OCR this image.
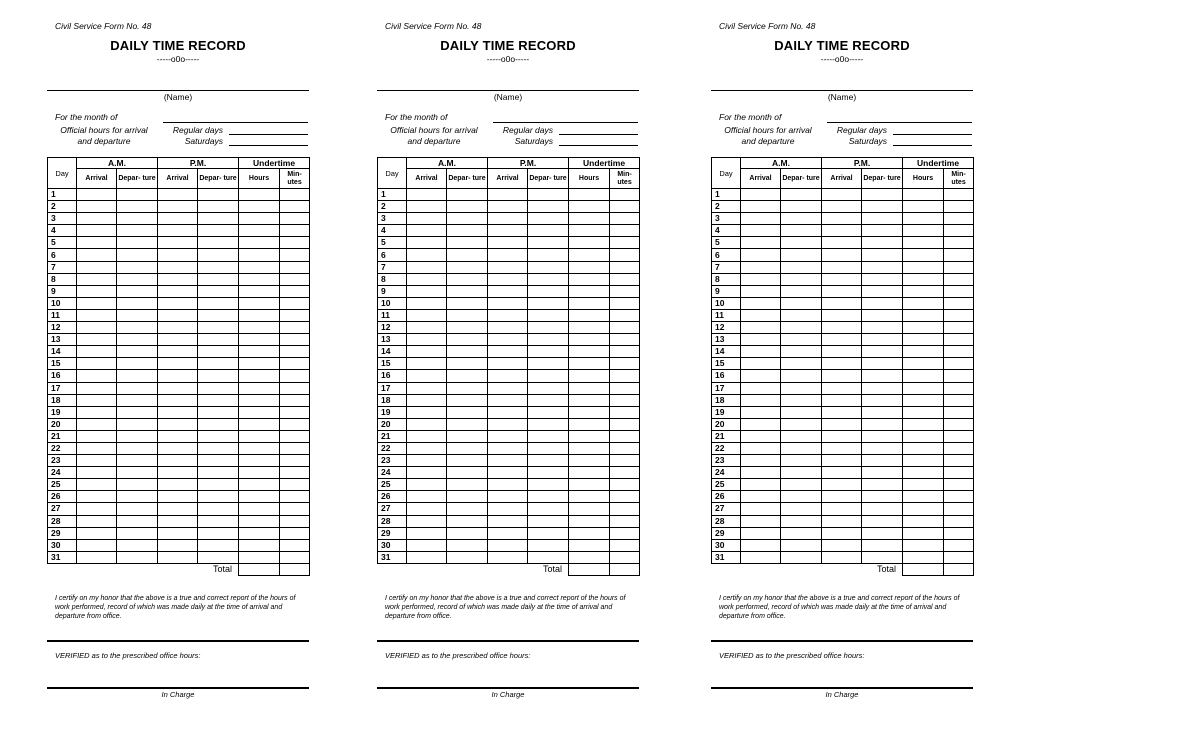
Civil Service Form No. 48
DAILY TIME RECORD
-----o0o-----
(Name)
For the month of
Official hours for arrival and departure
Regular days
Saturdays
Day	A.M.		P.M.		Undertime	
	Arrival	Depar- ture	Arrival	Depar- ture	Hours	Min- utes
1						
2						
3						
4						
5						
6						
7						
8						
9						
10						
11						
12						
13						
14						
15						
16						
17						
18						
19						
20						
21						
22						
23						
24						
25						
26						
27						
28						
29						
30						
31						
			Total			
I certify on my honor that the above is a true and correct report of the hours of work performed, record of which was made daily at the time of arrival and departure from office.
VERIFIED as to the prescribed office hours:
In Charge
Civil Service Form No. 48
DAILY TIME RECORD
-----o0o-----
(Name)
For the month of
Official hours for arrival and departure
Regular days
Saturdays
Day	A.M.		P.M.		Undertime	
	Arrival	Depar- ture	Arrival	Depar- ture	Hours	Min- utes
1						
2						
3						
4						
5						
6						
7						
8						
9						
10						
11						
12						
13						
14						
15						
16						
17						
18						
19						
20						
21						
22						
23						
24						
25						
26						
27						
28						
29						
30						
31						
			Total			
I certify on my honor that the above is a true and correct report of the hours of work performed, record of which was made daily at the time of arrival and departure from office.
VERIFIED as to the prescribed office hours:
In Charge
Civil Service Form No. 48
DAILY TIME RECORD
-----o0o-----
(Name)
For the month of
Official hours for arrival and departure
Regular days
Saturdays
Day	A.M.		P.M.		Undertime	
	Arrival	Depar- ture	Arrival	Depar- ture	Hours	Min- utes
1						
2						
3						
4						
5						
6						
7						
8						
9						
10						
11						
12						
13						
14						
15						
16						
17						
18						
19						
20						
21						
22						
23						
24						
25						
26						
27						
28						
29						
30						
31						
			Total			
I certify on my honor that the above is a true and correct report of the hours of work performed, record of which was made daily at the time of arrival and departure from office.
VERIFIED as to the prescribed office hours:
In Charge
